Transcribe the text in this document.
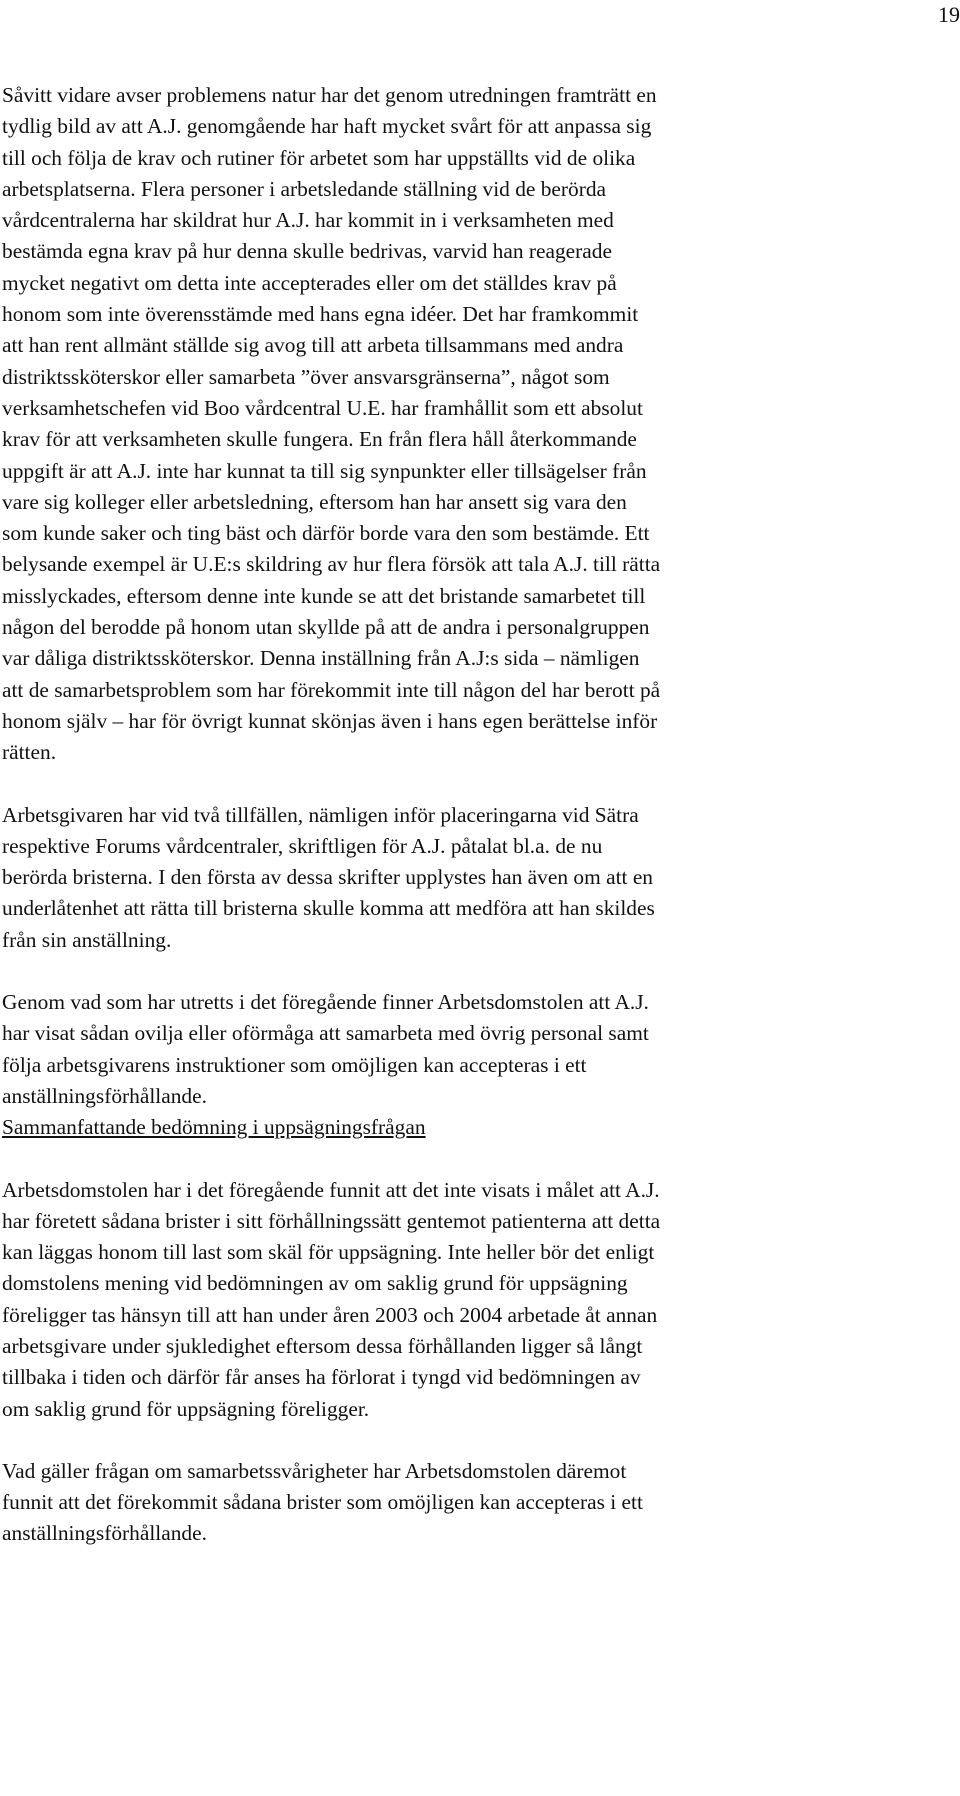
19

Såvitt vidare avser problemens natur har det genom utredningen framträtt en
tydlig bild av att A.J. genomgående har haft mycket svårt för att anpassa sig
till och följa de krav och rutiner för arbetet som har uppställts vid de olika
arbetsplatserna. Flera personer i arbetsledande ställning vid de berörda
vårdcentralerna har skildrat hur A.J. har kommit in i verksamheten med
bestämda egna krav på hur denna skulle bedrivas, varvid han reagerade
mycket negativt om detta inte accepterades eller om det ställdes krav på
honom som inte överensstämde med hans egna idéer. Det har framkommit
att han rent allmänt ställde sig avog till att arbeta tillsammans med andra
distriktssköterskor eller samarbeta ”över ansvarsgränserna”, något som
verksamhetschefen vid Boo vårdcentral U.E. har framhållit som ett absolut
krav för att verksamheten skulle fungera. En från flera håll återkommande
uppgift är att A.J. inte har kunnat ta till sig synpunkter eller tillsägelser från
vare sig kolleger eller arbetsledning, eftersom han har ansett sig vara den
som kunde saker och ting bäst och därför borde vara den som bestämde. Ett
belysande exempel är U.E:s skildring av hur flera försök att tala A.J. till rätta
misslyckades, eftersom denne inte kunde se att det bristande samarbetet till
någon del berodde på honom utan skyllde på att de andra i personalgruppen
var dåliga distriktssköterskor. Denna inställning från A.J:s sida – nämligen
att de samarbetsproblem som har förekommit inte till någon del har berott på
honom själv – har för övrigt kunnat skönjas även i hans egen berättelse inför
rätten.

Arbetsgivaren har vid två tillfällen, nämligen inför placeringarna vid Sätra
respektive Forums vårdcentraler, skriftligen för A.J. påtalat bl.a. de nu
berörda bristerna. I den första av dessa skrifter upplystes han även om att en
underlåtenhet att rätta till bristerna skulle komma att medföra att han skildes
från sin anställning.

Genom vad som har utretts i det föregående finner Arbetsdomstolen att A.J.
har visat sådan ovilja eller oförmåga att samarbeta med övrig personal samt
följa arbetsgivarens instruktioner som omöjligen kan accepteras i ett
anställningsförhållande.

Sammanfattande bedömning i uppsägningsfrågan

Arbetsdomstolen har i det föregående funnit att det inte visats i målet att A.J.
har företett sådana brister i sitt förhållningssätt gentemot patienterna att detta
kan läggas honom till last som skäl för uppsägning. Inte heller bör det enligt
domstolens mening vid bedömningen av om saklig grund för uppsägning
föreligger tas hänsyn till att han under åren 2003 och 2004 arbetade åt annan
arbetsgivare under sjukledighet eftersom dessa förhållanden ligger så långt
tillbaka i tiden och därför får anses ha förlorat i tyngd vid bedömningen av
om saklig grund för uppsägning föreligger.

Vad gäller frågan om samarbetssvårigheter har Arbetsdomstolen däremot
funnit att det förekommit sådana brister som omöjligen kan accepteras i ett
anställningsförhållande.
